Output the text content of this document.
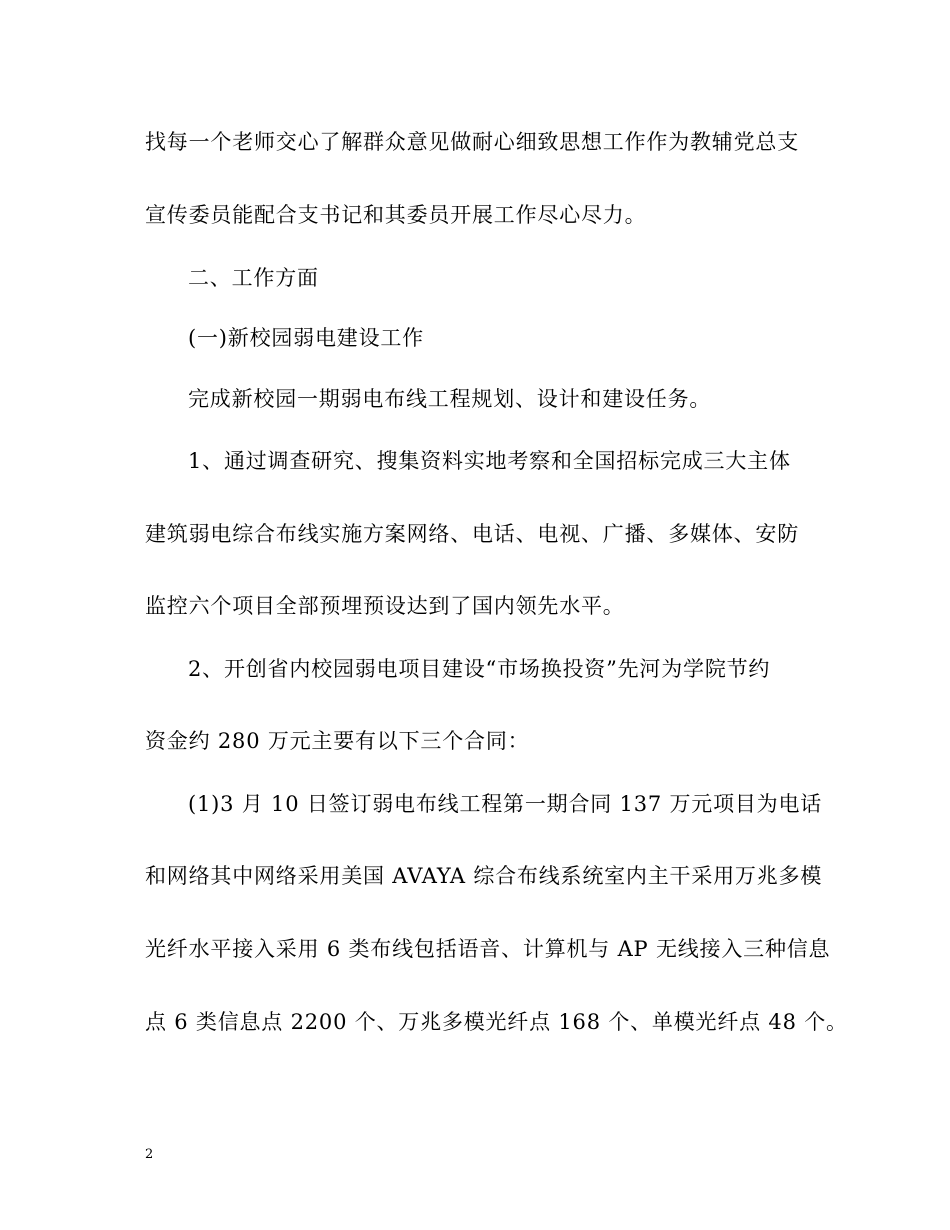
找每一个老师交心了解群众意见做耐心细致思想工作作为教辅党总支
宣传委员能配合支书记和其委员开展工作尽心尽力。
二、工作方面
(一)新校园弱电建设工作
完成新校园一期弱电布线工程规划、设计和建设任务。
1、通过调查研究、搜集资料实地考察和全国招标完成三大主体
建筑弱电综合布线实施方案网络、电话、电视、广播、多媒体、安防
监控六个项目全部预埋预设达到了国内领先水平。
2、开创省内校园弱电项目建设“市场换投资”先河为学院节约
资金约 280 万元主要有以下三个合同：
(1)3 月 10 日签订弱电布线工程第一期合同 137 万元项目为电话
和网络其中网络采用美国 AVAYA 综合布线系统室内主干采用万兆多模
光纤水平接入采用 6 类布线包括语音、计算机与 AP 无线接入三种信息
点 6 类信息点 2200 个、万兆多模光纤点 168 个、单模光纤点 48 个。
2
